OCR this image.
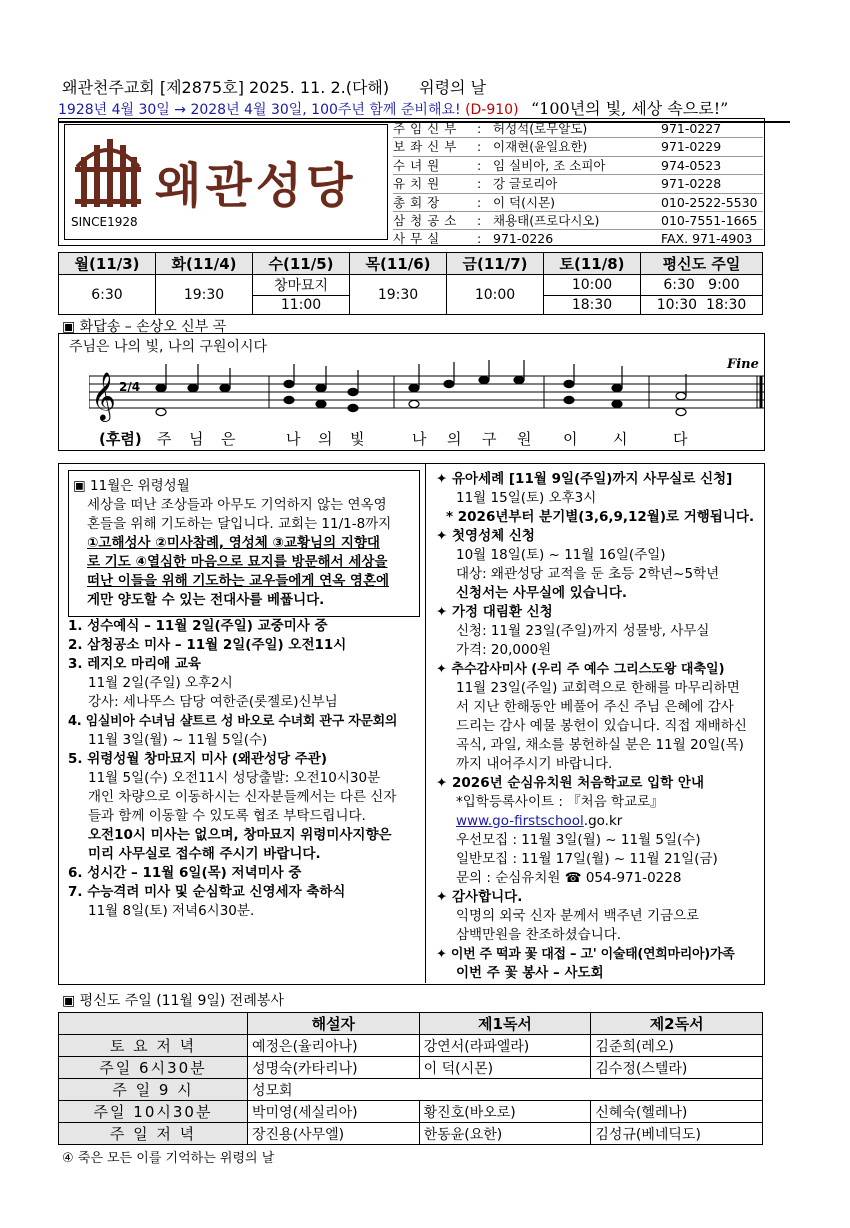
왜관천주교회 [제2875호] 2025. 11. 2.(다해) 위령의 날
1928년 4월 30일 → 2028년 4월 30일, 100주년 함께 준비해요! (D-910) “100년의 빛, 세상 속으로!”
왜관성당
SINCE1928
주임신부	: 허성석(로무알도)	971-0227
보좌신부	: 이재현(윤일요한)	971-0229
수녀원	: 임 실비아, 조 소피아	974-0523
유치원	: 강 글로리아	971-0228
총회장	: 이 덕(시몬)	010-2522-5530
삼청공소	: 채용태(프로다시오)	010-7551-1665
사무실	: 971-0226	FAX. 971-4903
월(11/3)	화(11/4)	수(11/5)	목(11/6)	금(11/7)	토(11/8)	평신도 주일
6:30	19:30	창마묘지	19:30	10:00	10:00	6:30   9:00
		11:00			18:30	10:30  18:30
▣ 화답송 – 손상오 신부 곡
주님은 나의 빛, 나의 구원이시다
𝄞 2/4
Fine
(후렴) 주 님 은	나 의 빛	나 의 구 원 이 시	다

▣ 11월은 위령성월

세상을 떠난 조상들과 아무도 기억하지 않는 연옥영

혼들을 위해 기도하는 달입니다. 교회는 11/1-8까지

①고해성사 ②미사참례, 영성체 ③교황님의 지향대

로 기도 ④열심한 마음으로 묘지를 방문해서 세상을

떠난 이들을 위해 기도하는 교우들에게 연옥 영혼에

게만 양도할 수 있는 전대사를 베풉니다.

1. 성수예식 – 11월 2일(주일) 교중미사 중

2. 삼청공소 미사 – 11월 2일(주일) 오전11시

3. 레지오 마리애 교육

11월 2일(주일) 오후2시

강사: 세나뚜스 담당 여한준(롯젤로)신부님

4. 임실비아 수녀님 샬트르 성 바오로 수녀회 관구 자문회의

11월 3일(월) ~ 11월 5일(수)

5. 위령성월 창마묘지 미사 (왜관성당 주관)

11월 5일(수) 오전11시 성당출발: 오전10시30분

개인 차량으로 이동하시는 신자분들께서는 다른 신자

들과 함께 이동할 수 있도록 협조 부탁드립니다.

오전10시 미사는 없으며, 창마묘지 위령미사지향은

미리 사무실로 접수해 주시기 바랍니다.

6. 성시간 – 11월 6일(목) 저녁미사 중

7. 수능격려 미사 및 순심학교 신영세자 축하식

11월 8일(토) 저녁6시30분.

✦ 유아세례 [11월 9일(주일)까지 사무실로 신청]

11월 15일(토) 오후3시

* 2026년부터 분기별(3,6,9,12월)로 거행됩니다.

✦ 첫영성체 신청

10월 18일(토) ~ 11월 16일(주일)

대상: 왜관성당 교적을 둔 초등 2학년~5학년

신청서는 사무실에 있습니다.

✦ 가정 대림환 신청

신청: 11월 23일(주일)까지 성물방, 사무실

가격: 20,000원

✦ 추수감사미사 (우리 주 예수 그리스도왕 대축일)

11월 23일(주일) 교회력으로 한해를 마무리하면

서 지난 한해동안 베풀어 주신 주님 은혜에 감사

드리는 감사 예물 봉헌이 있습니다. 직접 재배하신

곡식, 과일, 채소를 봉헌하실 분은 11월 20일(목)

까지 내어주시기 바랍니다.

✦ 2026년 순심유치원 처음학교로 입학 안내

*입학등록사이트 : 『처음 학교로』

www.go-firstschool.go.kr

우선모집 : 11월 3일(월) ~ 11월 5일(수)

일반모집 : 11월 17일(월) ~ 11월 21일(금)

문의 : 순심유치원 ☎ 054-971-0228

✦ 감사합니다.

익명의 외국 신자 분께서 백주년 기금으로

삼백만원을 찬조하셨습니다.

✦ 이번 주 떡과 꽃 대접 – 고' 이술태(연희마리아)가족

이번 주 꽃 봉사 – 사도회

▣ 평신도 주일 (11월 9일) 전례봉사
	해설자	제1독서	제2독서
토 요 저 녁	예정은(율리아나)	강연서(라파엘라)	김준희(레오)
주일 6시30분	성명숙(카타리나)	이 덕(시몬)	김수정(스텔라)
주 일 9 시	성모회		
주일 10시30분	박미영(세실리아)	황진호(바오로)	신혜숙(헬레나)
주 일 저 녁	장진용(사무엘)	한동윤(요한)	김성규(베네딕도)
④ 죽은 모든 이를 기억하는 위령의 날
